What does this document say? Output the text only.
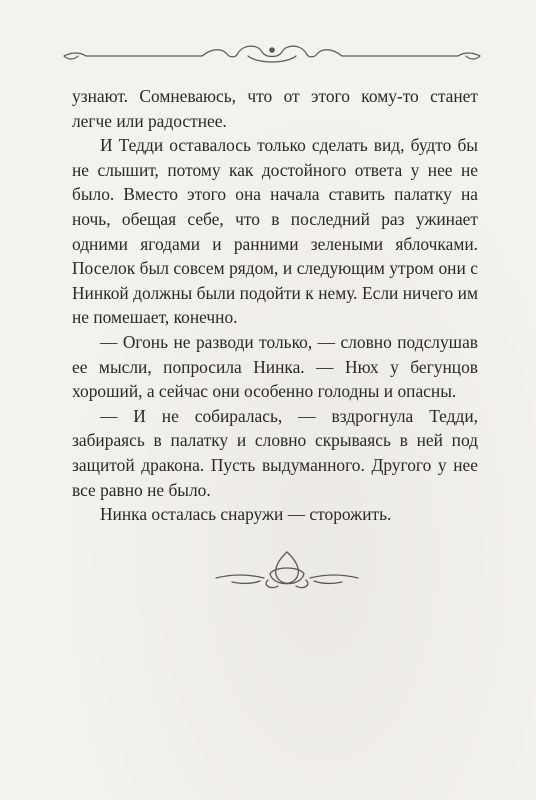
узнают. Сомневаюсь, что от этого кому-то станет легче или радостнее.

И Тедди оставалось только сделать вид, будто бы не слышит, потому как достойного ответа у нее не было. Вместо этого она начала ставить палатку на ночь, обещая себе, что в последний раз ужинает одними ягодами и ранними зелеными яблочками. Поселок был совсем рядом, и следующим утром они с Нинкой должны были подойти к нему. Если ничего им не помешает, конечно.

— Огонь не разводи только, — словно подслушав ее мысли, попросила Нинка. — Нюх у бегунцов хороший, а сейчас они особенно голодны и опасны.

— И не собиралась, — вздрогнула Тедди, забираясь в палатку и словно скрываясь в ней под защитой дракона. Пусть выдуманного. Другого у нее все равно не было.

Нинка осталась снаружи — сторожить.
